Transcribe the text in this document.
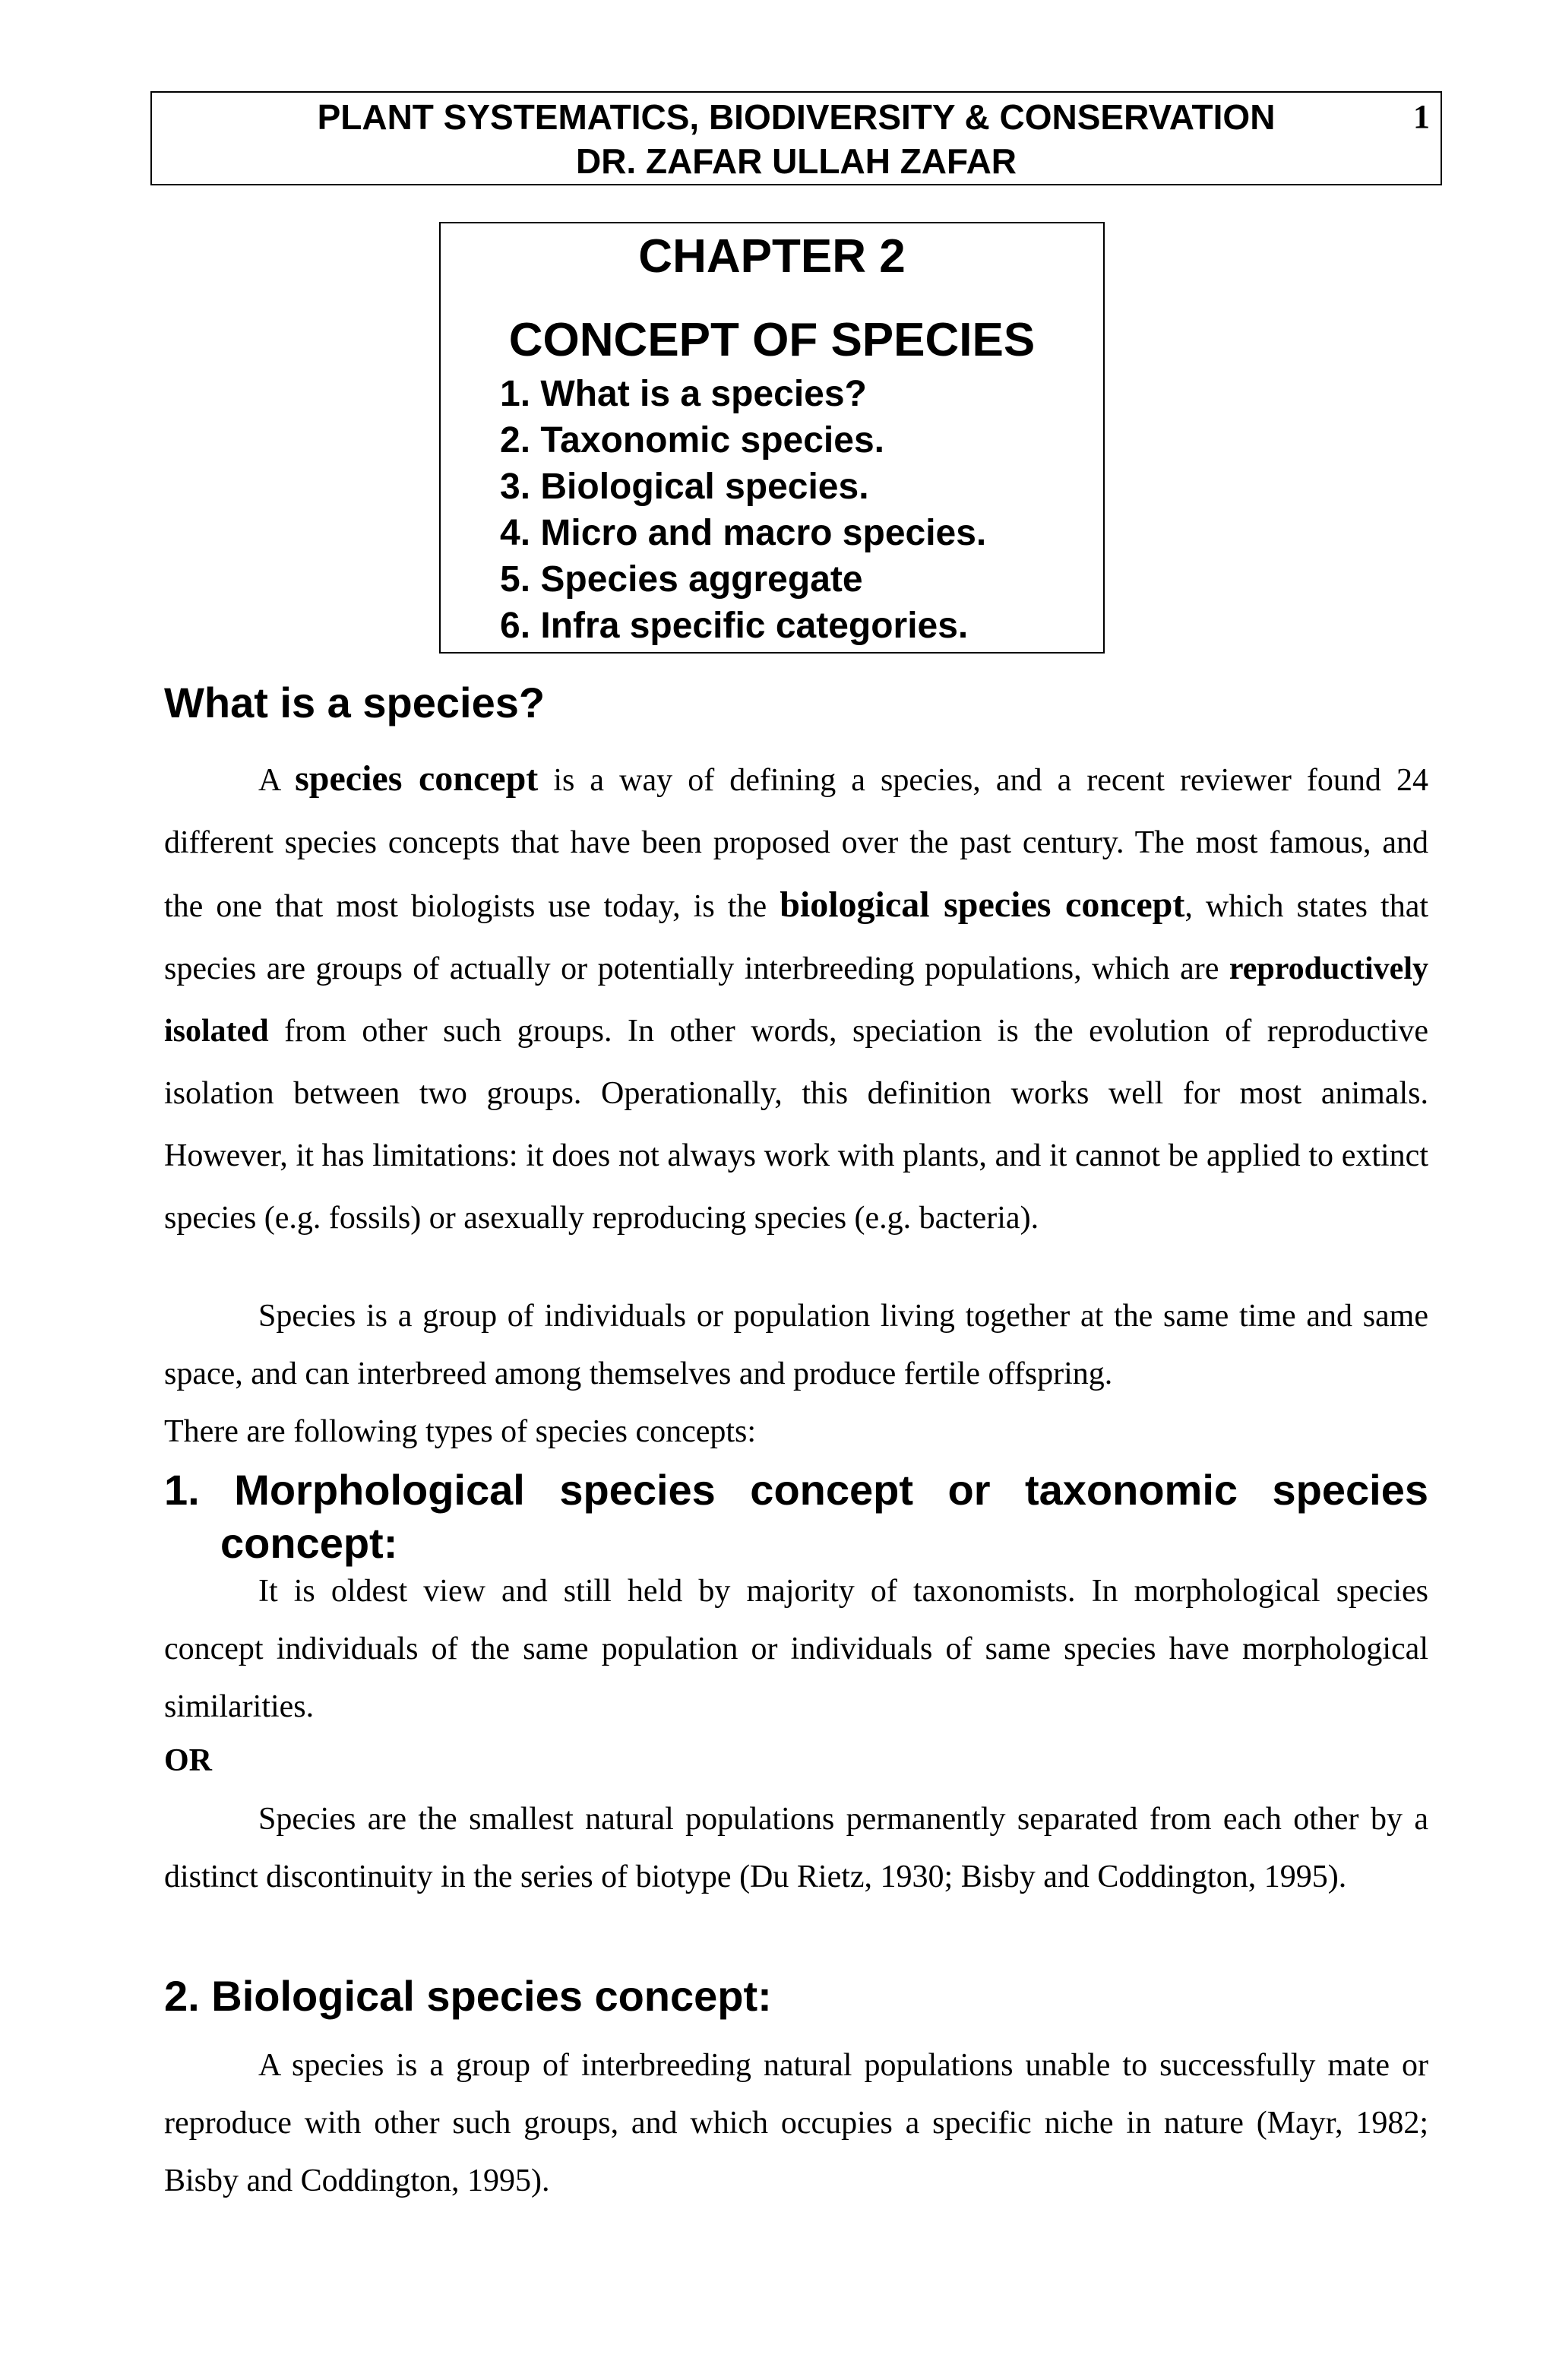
PLANT SYSTEMATICS, BIODIVERSITY & CONSERVATION
DR. ZAFAR ULLAH ZAFAR
1
CHAPTER 2
CONCEPT OF SPECIES
1. What is a species?
2. Taxonomic species.
3. Biological species.
4. Micro and macro species.
5. Species aggregate
6. Infra specific categories.
What is a species?

A species concept is a way of defining a species, and a recent reviewer found 24 different species concepts that have been proposed over the past century. The most famous, and the one that most biologists use today, is the biological species concept, which states that species are groups of actually or potentially interbreeding populations, which are reproductively isolated from other such groups. In other words, speciation is the evolution of reproductive isolation between two groups. Operationally, this definition works well for most animals. However, it has limitations: it does not always work with plants, and it cannot be applied to extinct species (e.g. fossils) or asexually reproducing species (e.g. bacteria).

Species is a group of individuals or population living together at the same time and same space, and can interbreed among themselves and produce fertile offspring.

There are following types of species concepts:

1. Morphological species concept or taxonomic species
concept:

It is oldest view and still held by majority of taxonomists. In morphological species concept individuals of the same population or individuals of same species have morphological similarities.

OR

Species are the smallest natural populations permanently separated from each other by a distinct discontinuity in the series of biotype (Du Rietz, 1930; Bisby and Coddington, 1995).

2. Biological species concept:

A species is a group of interbreeding natural populations unable to successfully mate or reproduce with other such groups, and which occupies a specific niche in nature (Mayr, 1982; Bisby and Coddington, 1995).
